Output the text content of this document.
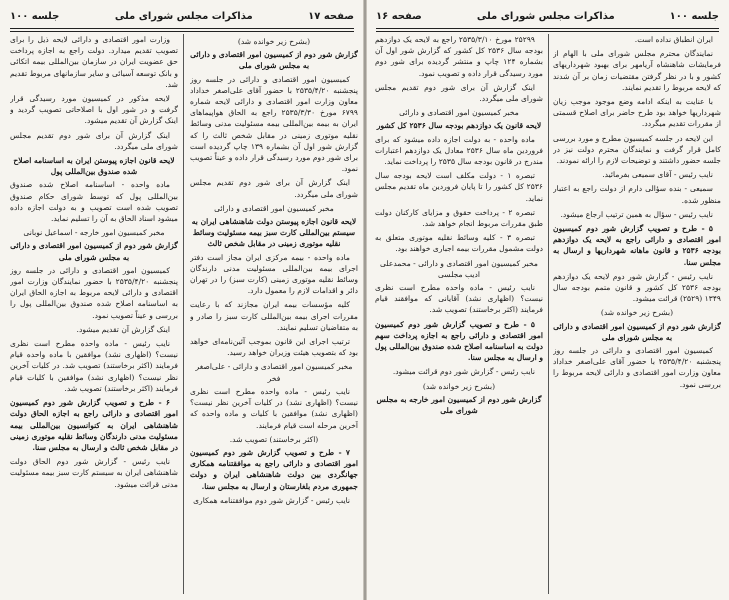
صفحه ۱۷
مذاکرات مجلس شورای ملی
جلسه ۱۰۰

(بشرح زیر خوانده شد)

گزارش شور دوم از کمیسیون امور اقتصادی و دارائی به مجلس شورای ملی

کمیسیون امور اقتصادی و دارائی در جلسه روز پنجشنبه ۲۵۳۵/۴/۲۰ با حضور آقای علی‌اصغر خداداد معاون وزارت امور اقتصادی و دارائی لایحه شماره ۶۷۹۹ مورخ ۲۵۳۵/۳/۳۰ راجع به الحاق هواپیماهای ایران به بیمه بین‌المللی بیمه مسئولیت مدنی وسائط نقلیه موتوری زمینی در مقابل شخص ثالث را که گزارش شور اول آن بشماره ۱۳۹ چاپ گردیده است برای شور دوم مورد رسیدگی قرار داده و عیناً تصویب نمود.

اینک گزارش آن برای شور دوم تقدیم مجلس شورای ملی میگردد.

مخبر کمیسیون امور اقتصادی و دارائی

لایحه قانون اجازه پیوستن دولت شاهنشاهی ایران به سیستم بین‌المللی کارت سبز بیمه مسئولیت وسائط نقلیه موتوری زمینی در مقابل شخص ثالث

ماده واحده - بیمه مرکزی ایران مجاز است دفتر اجرای بیمه بین‌المللی مسئولیت مدنی دارندگان وسائط نقلیه موتوری زمینی (کارت سبز) را در تهران دائر و اقدامات لازم را معمول دارد.

کلیه مؤسسات بیمه ایران مجازند که با رعایت مقررات اجرای بیمه بین‌المللی کارت سبز را صادر و به متقاضیان تسلیم نمایند.

ترتیب اجرای این قانون بموجب آئین‌نامه‌ای خواهد بود که بتصویب هیئت وزیران خواهد رسید.

مخبر کمیسیون امور اقتصادی و دارائی - علی‌اصغر فخر

نایب رئیس - ماده واحده مطرح است نظری نیست؟ (اظهاری نشد) در کلیات آخرین نظر نیست؟ (اظهاری نشد) موافقین با کلیات و ماده واحده که آخرین مرحله است قیام فرمایند.

(اکثر برخاستند) تصویب شد.

۷ - طرح و تصویب گزارش شور دوم کمیسیون امور اقتصادی و دارائی راجع به موافقتنامه همکاری جهانگردی بین دولت شاهنشاهی ایران و دولت جمهوری مردم بلغارستان و ارسال به مجلس سنا.

نایب رئیس - گزارش شور دوم موافقتنامه همکاری

وزارت امور اقتصادی و دارائی لایحه ذیل را برای تصویب تقدیم میدارد. دولت راجع به اجازه پرداخت حق عضویت ایران در سازمان بین‌المللی بیمه اتکائی و بانک توسعه آسیائی و سایر سازمانهای مربوط تقدیم شد.

لایحه مذکور در کمیسیون مورد رسیدگی قرار گرفت و در شور اول با اصلاحاتی تصویب گردید و اینک گزارش آن تقدیم میشود.

اینک گزارش آن برای شور دوم تقدیم مجلس شورای ملی میگردد.

لایحه قانون اجازه پیوستن ایران به اساسنامه اصلاح شده صندوق بین‌المللی پول

ماده واحده - اساسنامه اصلاح شده صندوق بین‌المللی پول که توسط شورای حکام صندوق تصویب شده است تصویب و به دولت اجازه داده میشود اسناد الحاق به آن را تسلیم نماید.

مخبر کمیسیون امور خارجه - اسماعیل نوبانی

گزارش شور دوم از کمیسیون امور اقتصادی و دارائی به مجلس شورای ملی

کمیسیون امور اقتصادی و دارائی در جلسه روز پنجشنبه ۲۵۳۵/۴/۲۰ با حضور نمایندگان وزارت امور اقتصادی و دارائی لایحه مربوط به اجازه الحاق ایران به اساسنامه اصلاح شده صندوق بین‌المللی پول را بررسی و عیناً تصویب نمود.

اینک گزارش آن تقدیم میشود.

نایب رئیس - ماده واحده مطرح است نظری نیست؟ (اظهاری نشد) موافقین با ماده واحده قیام فرمایند (اکثر برخاستند) تصویب شد. در کلیات آخرین نظر نیست؟ (اظهاری نشد) موافقین با کلیات قیام فرمایند (اکثر برخاستند) تصویب شد.

۶ - طرح و تصویب گزارش شور دوم کمیسیون امور اقتصادی و دارائی راجع به اجازه الحاق دولت شاهنشاهی ایران به کنوانسیون بین‌المللی بیمه مسئولیت مدنی دارندگان وسائط نقلیه موتوری زمینی در مقابل شخص ثالث و ارسال به مجلس سنا.

نایب رئیس - گزارش شور دوم الحاق دولت شاهنشاهی ایران به سیستم کارت سبز بیمه مسئولیت مدنی قرائت میشود.

جلسه ۱۰۰
مذاکرات مجلس شورای ملی
صفحه ۱۶

ایران انطباق نداده است.

نمایندگان محترم مجلس شورای ملی با الهام از فرمایشات شاهنشاه آریامهر برای بهبود شهرداریهای کشور و با در نظر گرفتن مقتضیات زمان بر آن شدند که لایحه مربوط را تقدیم نمایند.

با عنایت به اینکه ادامه وضع موجود موجب زیان شهرداریها خواهد بود طرح حاضر برای اصلاح قسمتی از مقررات تقدیم میگردد.

این لایحه در جلسه کمیسیون مطرح و مورد بررسی کامل قرار گرفت و نمایندگان محترم دولت نیز در جلسه حضور داشتند و توضیحات لازم را ارائه نمودند.

نایب رئیس - آقای سمیعی بفرمائید.

سمیعی - بنده سؤالی دارم از دولت راجع به اعتبار منظور شده.

نایب رئیس - سؤال به همین ترتیب ارجاع میشود.

۵ - طرح و تصویب گزارش شور دوم کمیسیون امور اقتصادی و دارائی راجع به لایحه یک دوازدهم بودجه ۲۵۳۶ و قانون ماهانه شهرداریها و ارسال به مجلس سنا.

نایب رئیس - گزارش شور دوم لایحه یک دوازدهم بودجه ۲۵۳۶ کل کشور و قانون متمم بودجه سال ۱۳۴۹ (۲۵۲۹) قرائت میشود.

(بشرح زیر خوانده شد)

گزارش شور دوم از کمیسیون امور اقتصادی و دارائی به مجلس شورای ملی

کمیسیون امور اقتصادی و دارائی در جلسه روز پنجشنبه ۲۵۳۵/۴/۲۰ با حضور آقای علی‌اصغر خداداد معاون وزارت امور اقتصادی و دارائی لایحه مربوط را بررسی نمود.

۲۵۲۹۹ مورخ ۲۵۳۵/۳/۱۰ راجع به لایحه یک دوازدهم بودجه سال ۲۵۳۶ کل کشور که گزارش شور اول آن بشماره ۱۲۴ چاپ و منتشر گردیده برای شور دوم مورد رسیدگی قرار داده و تصویب نمود.

اینک گزارش آن برای شور دوم تقدیم مجلس شورای ملی میگردد.

مخبر کمیسیون امور اقتصادی و دارائی

لایحه قانون یک دوازدهم بودجه سال ۲۵۳۶ کل کشور

ماده واحده - به دولت اجازه داده میشود که برای فروردین ماه سال ۲۵۳۶ معادل یک دوازدهم اعتبارات مندرج در قانون بودجه سال ۲۵۳۵ را پرداخت نماید.

تبصره ۱ - دولت مکلف است لایحه بودجه سال ۲۵۳۶ کل کشور را تا پایان فروردین ماه تقدیم مجلس نماید.

تبصره ۲ - پرداخت حقوق و مزایای کارکنان دولت طبق مقررات مربوط انجام خواهد شد.

تبصره ۳ - کلیه وسائط نقلیه موتوری متعلق به دولت مشمول مقررات بیمه اجباری خواهند بود.

مخبر کمیسیون امور اقتصادی و دارائی - محمدعلی ادیب مجلسی

نایب رئیس - ماده واحده مطرح است نظری نیست؟ (اظهاری نشد) آقایانی که موافقند قیام فرمایند (اکثر برخاستند) تصویب شد.

۵ - طرح و تصویب گزارش شور دوم کمیسیون امور اقتصادی و دارائی راجع به اجازه پرداخت سهم دولت به اساسنامه اصلاح شده صندوق بین‌المللی پول و ارسال به مجلس سنا.

نایب رئیس - گزارش شور دوم قرائت میشود.

(بشرح زیر خوانده شد)

گزارش شور دوم از کمیسیون امور خارجه به مجلس شورای ملی
